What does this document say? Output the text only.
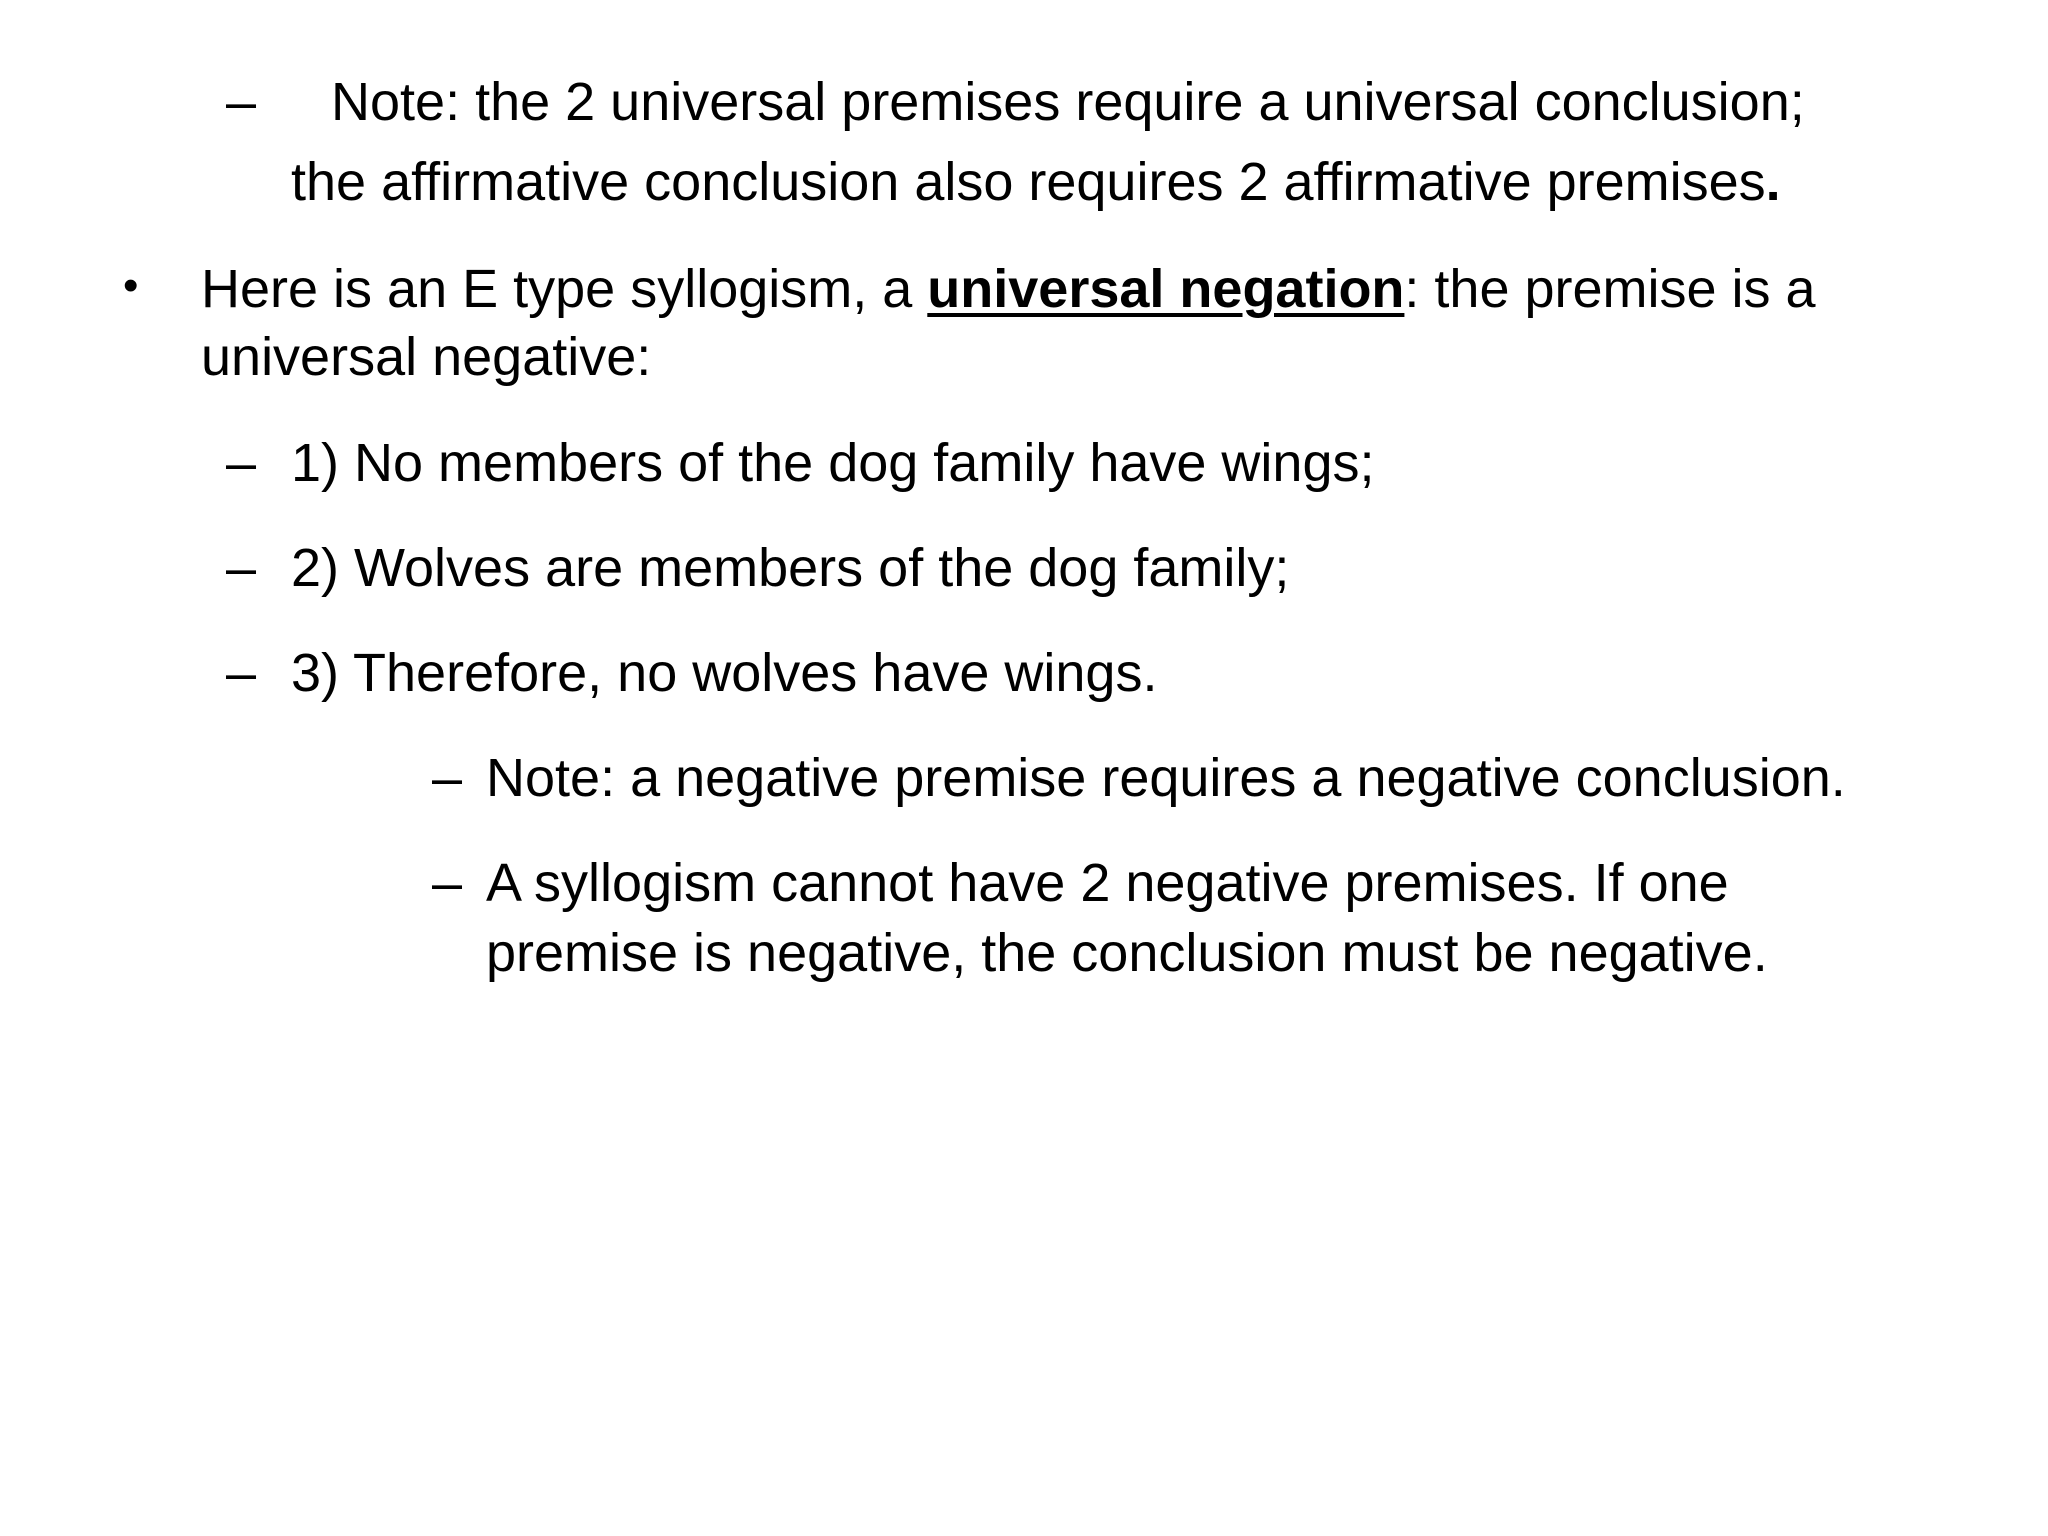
– Note: the 2 universal premises require a universal conclusion;
the affirmative conclusion also requires 2 affirmative premises.
• Here is an E type syllogism, a universal negation: the premise is a
universal negative:
– 1) No members of the dog family have wings;
– 2) Wolves are members of the dog family;
– 3) Therefore, no wolves have wings.
– Note: a negative premise requires a negative conclusion.
– A syllogism cannot have 2 negative premises. If one
premise is negative, the conclusion must be negative.
